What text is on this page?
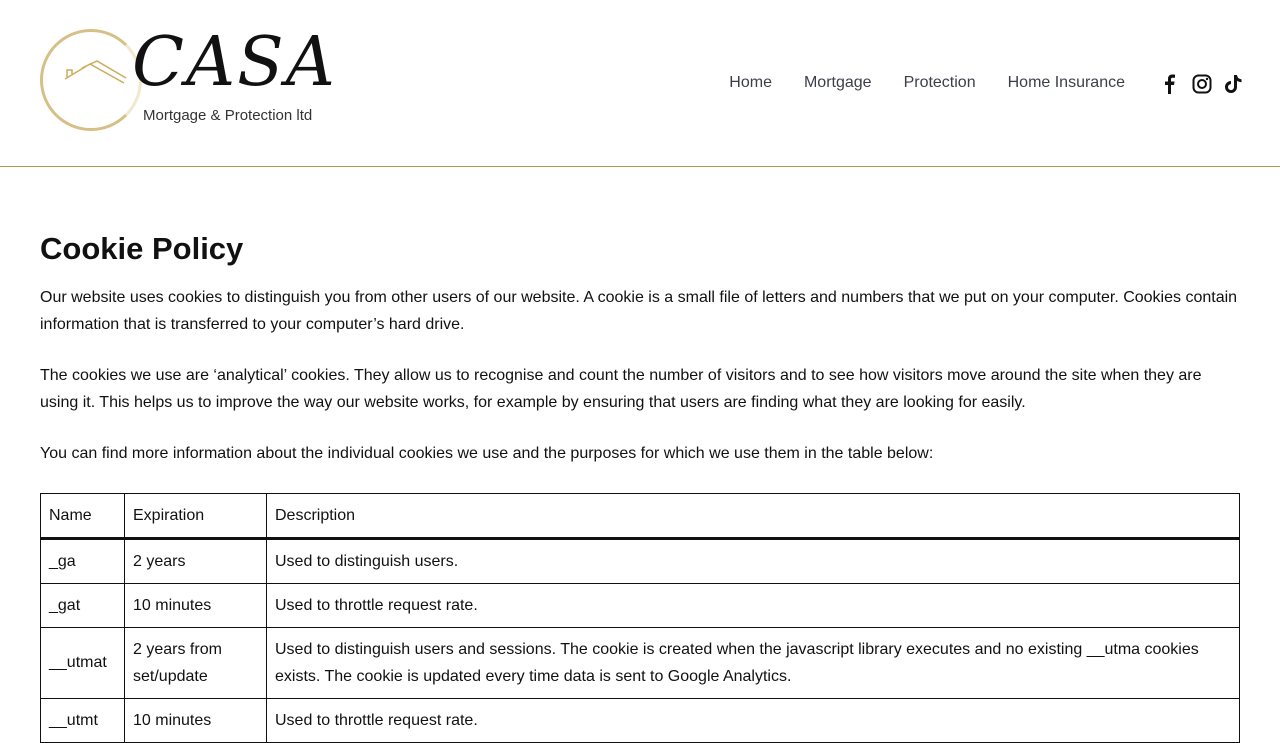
CASA
Mortgage & Protection ltd
Home Mortgage Protection Home Insurance
Cookie Policy

Our website uses cookies to distinguish you from other users of our website. A cookie is a small file of letters and numbers that we put on your computer. Cookies contain information that is transferred to your computer’s hard drive.

The cookies we use are ‘analytical’ cookies. They allow us to recognise and count the number of visitors and to see how visitors move around the site when they are using it. This helps us to improve the way our website works, for example by ensuring that users are finding what they are looking for easily.

You can find more information about the individual cookies we use and the purposes for which we use them in the table below:

Name	Expiration	Description
_ga	2 years	Used to distinguish users.
_gat	10 minutes	Used to throttle request rate.
__utmat	2 years from set/update	Used to distinguish users and sessions. The cookie is created when the javascript library executes and no existing __utma cookies exists. The cookie is updated every time data is sent to Google Analytics.
__utmt	10 minutes	Used to throttle request rate.
